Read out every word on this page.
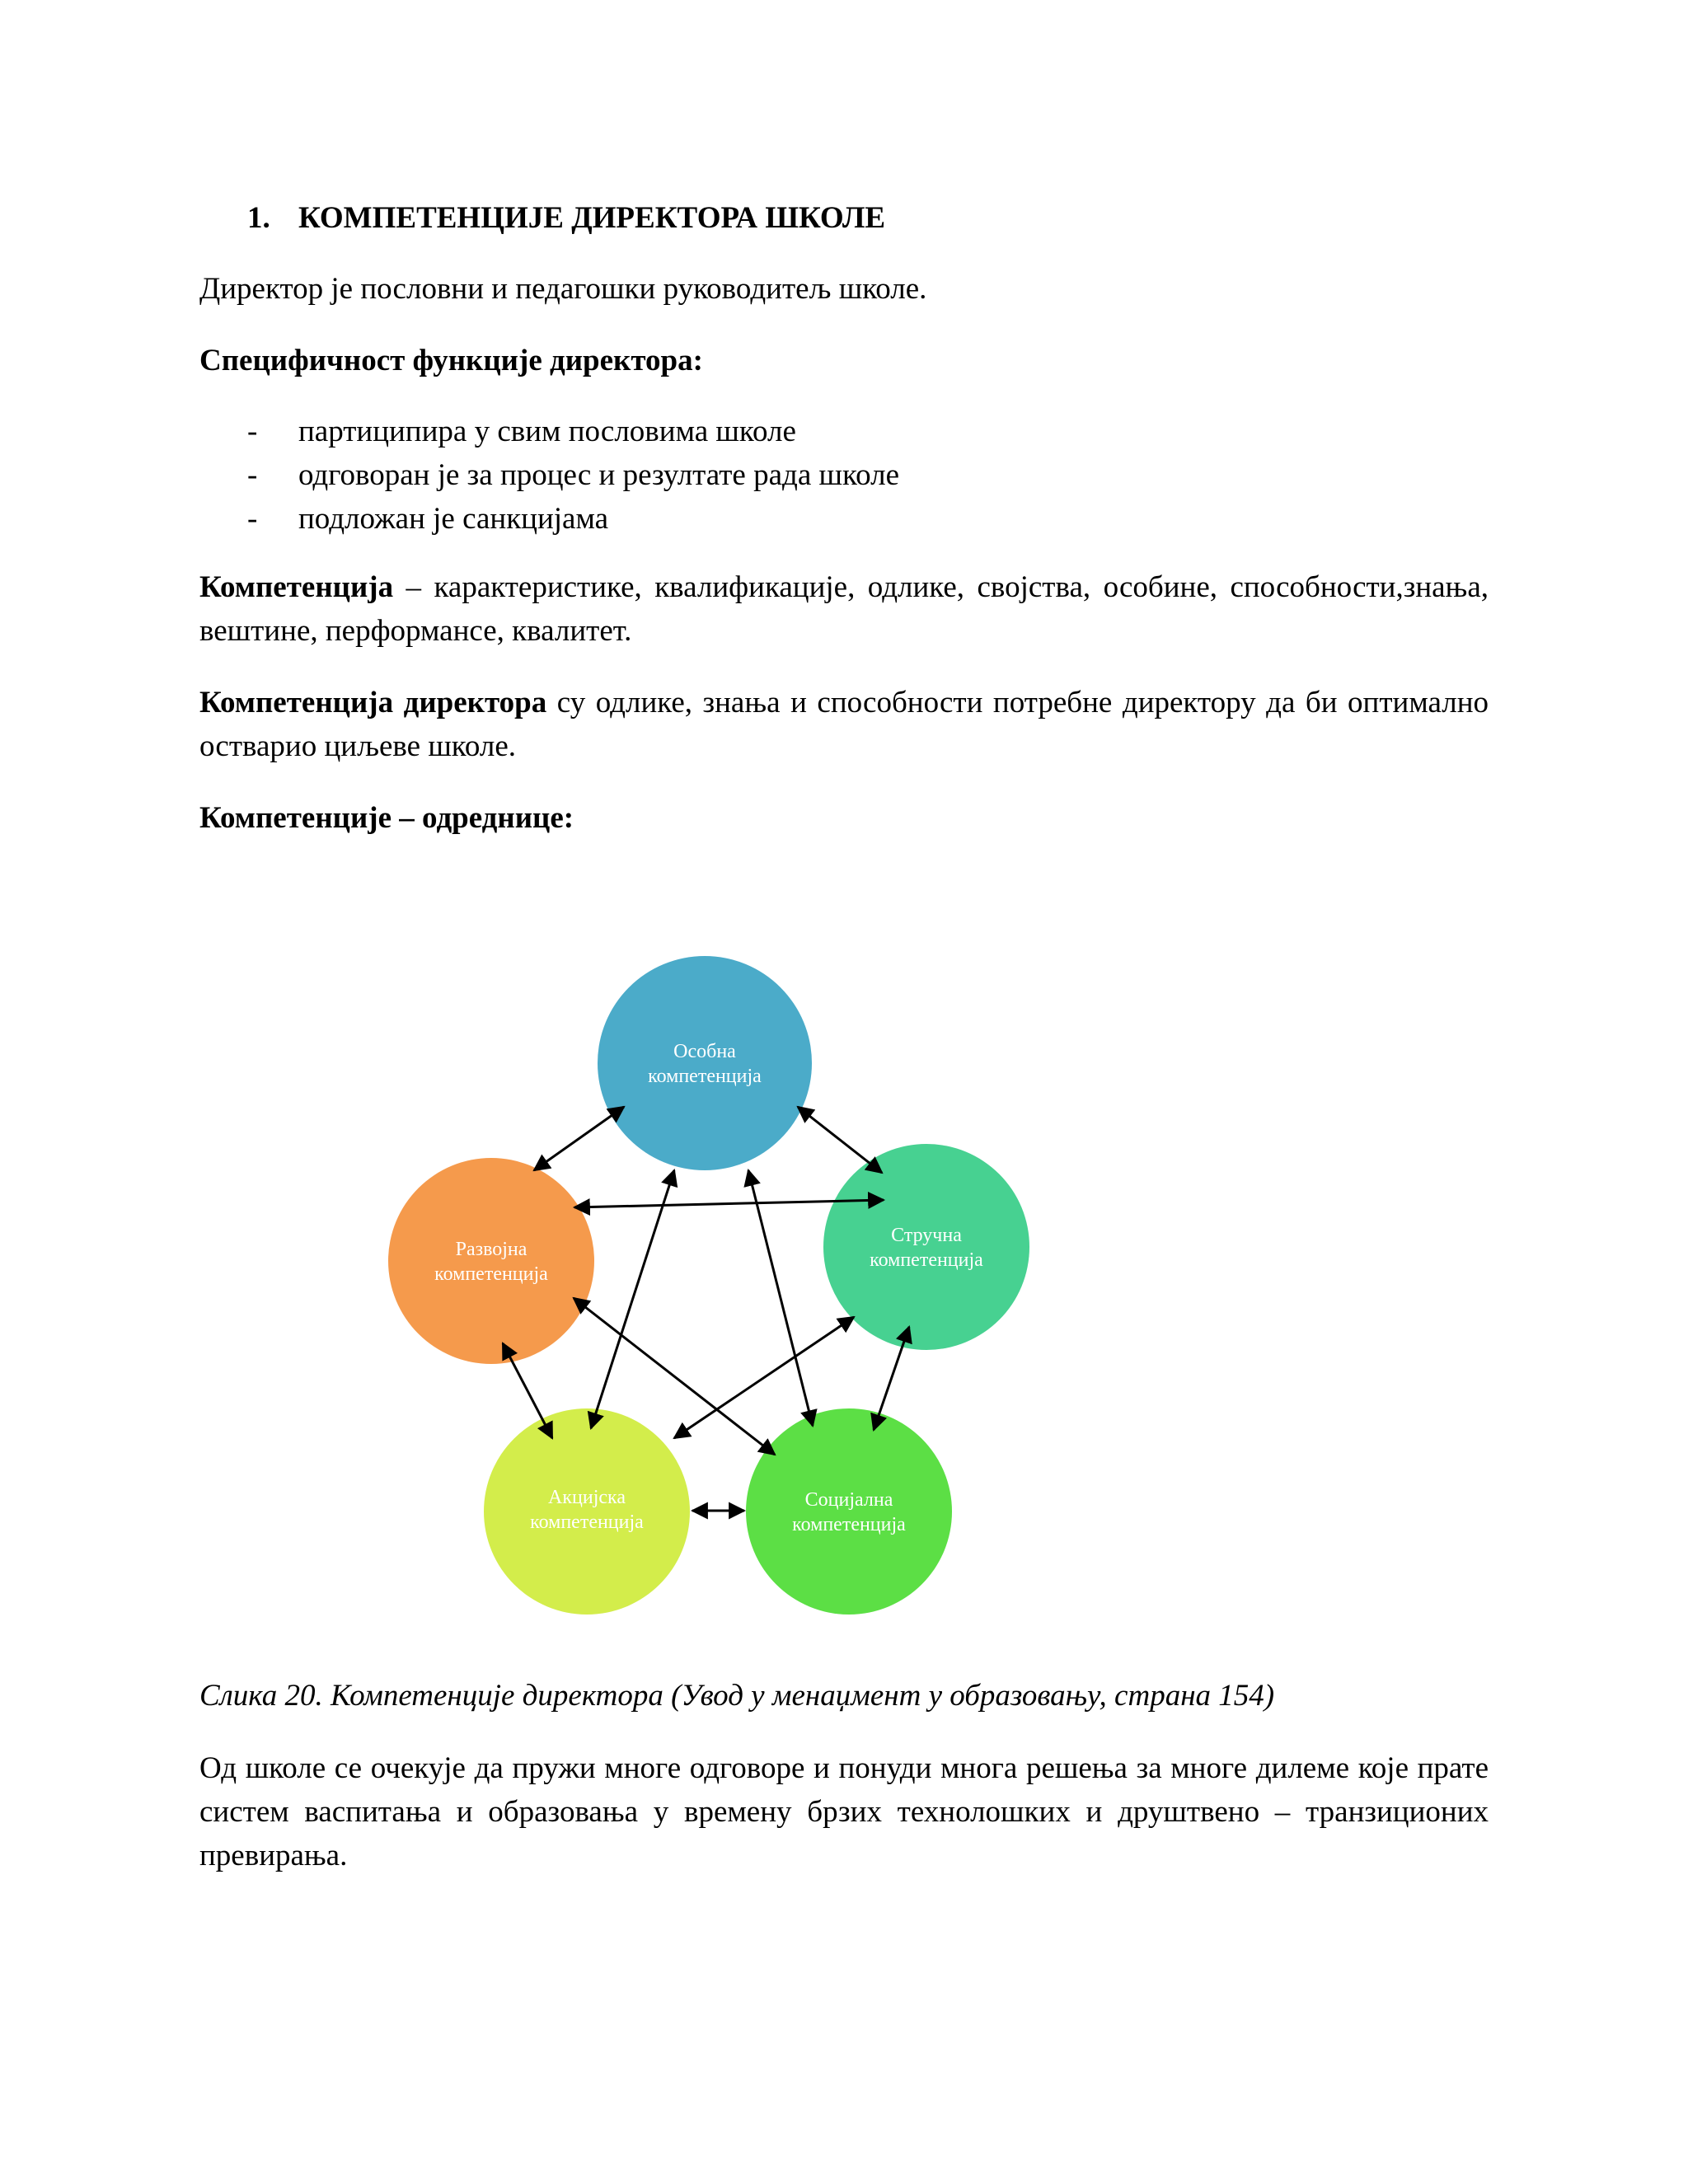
1. КОМПЕТЕНЦИЈЕ ДИРЕКТОРА ШКОЛЕ

Директор је пословни и педагошки руководитељ школе.

Специфичност функције директора:

-	партиципира у свим пословима школе
-	одговоран је за процес и резултате рада школе
-	подложан је санкцијама

Компетенција – карактеристике, квалификације, одлике, својства, особине, способности,знања, вештине, перформансе, квалитет.

Компетенција директора су одлике, знања и способности потребне директору да би оптимално остварио циљеве школе.

Компетенције – одреднице:

Слика 20. Компетенције директора (Увод у менаџмент у образовању, страна 154)

Од школе се очекује да пружи многе одговоре и понуди многа решења за многе дилеме које прате систем васпитања и образовања у времену брзих технолошких и друштвено – транзиционих превирања.

Особна
компетенција
Стручна
компетенција
Социјална
компетенција
Акцијска
компетенција
Развојна
компетенција
